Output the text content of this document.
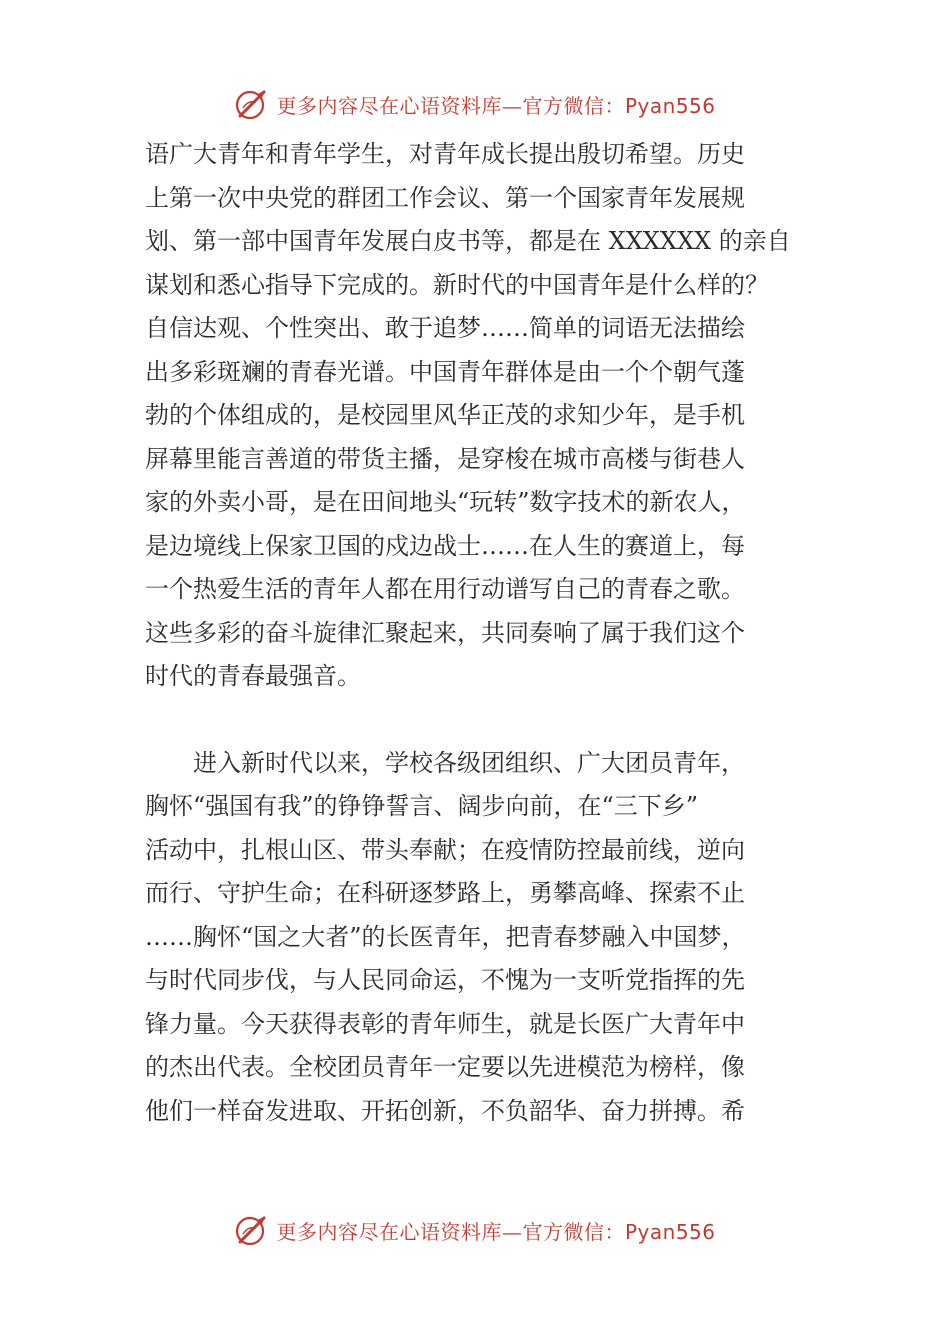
更多内容尽在心语资料库—官方微信：Pyan556

语广大青年和青年学生，对青年成长提出殷切希望。历史

上第一次中央党的群团工作会议、第一个国家青年发展规

划、第一部中国青年发展白皮书等，都是在 XXXXXX 的亲自

谋划和悉心指导下完成的。新时代的中国青年是什么样的？

自信达观、个性突出、敢于追梦……简单的词语无法描绘

出多彩斑斓的青春光谱。中国青年群体是由一个个朝气蓬

勃的个体组成的，是校园里风华正茂的求知少年，是手机

屏幕里能言善道的带货主播，是穿梭在城市高楼与街巷人

家的外卖小哥，是在田间地头“玩转”数字技术的新农人，

是边境线上保家卫国的戍边战士……在人生的赛道上，每

一个热爱生活的青年人都在用行动谱写自己的青春之歌。

这些多彩的奋斗旋律汇聚起来，共同奏响了属于我们这个

时代的青春最强音。

　　进入新时代以来，学校各级团组织、广大团员青年，

胸怀“强国有我”的铮铮誓言、阔步向前，在“三下乡”

活动中，扎根山区、带头奉献；在疫情防控最前线，逆向

而行、守护生命；在科研逐梦路上，勇攀高峰、探索不止

……胸怀“国之大者”的长医青年，把青春梦融入中国梦，

与时代同步伐，与人民同命运，不愧为一支听党指挥的先

锋力量。今天获得表彰的青年师生，就是长医广大青年中

的杰出代表。全校团员青年一定要以先进模范为榜样，像

他们一样奋发进取、开拓创新，不负韶华、奋力拼搏。希

更多内容尽在心语资料库—官方微信：Pyan556
